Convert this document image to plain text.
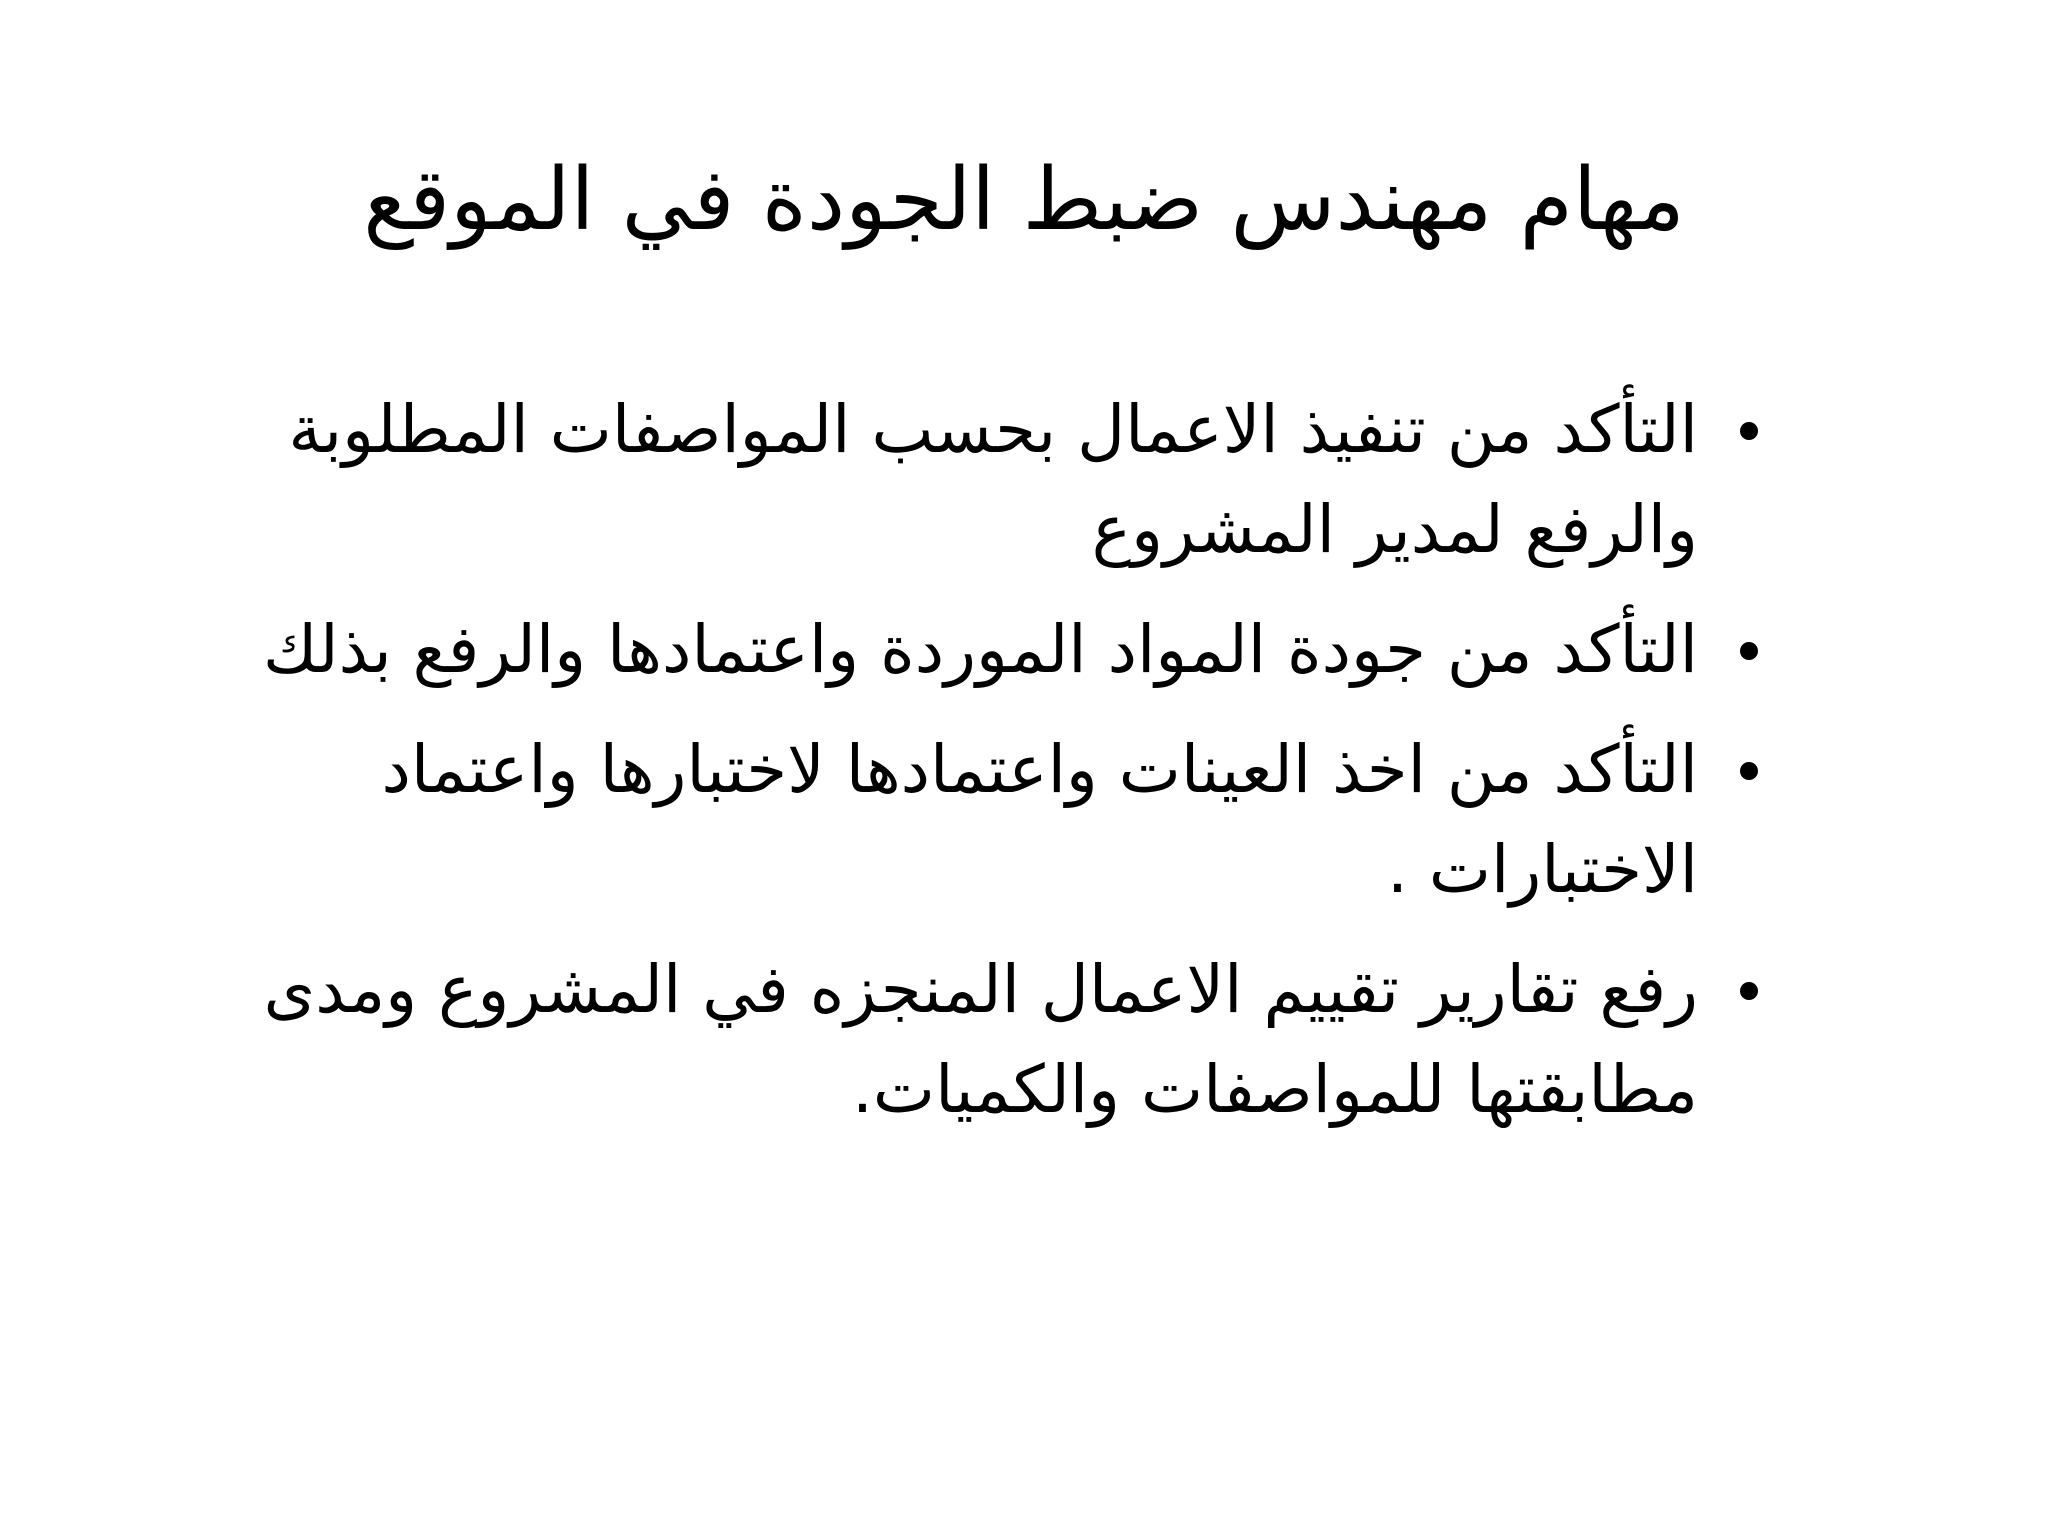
مهام مهندس ضبط الجودة في الموقع
التأكد من تنفيذ الاعمال بحسب المواصفات المطلوبة والرفع لمدير المشروع
التأكد من جودة المواد الموردة واعتمادها والرفع بذلك
التأكد من اخذ العينات واعتمادها لاختبارها واعتماد الاختبارات .
رفع تقارير تقييم الاعمال المنجزه في المشروع ومدى مطابقتها للمواصفات والكميات.
